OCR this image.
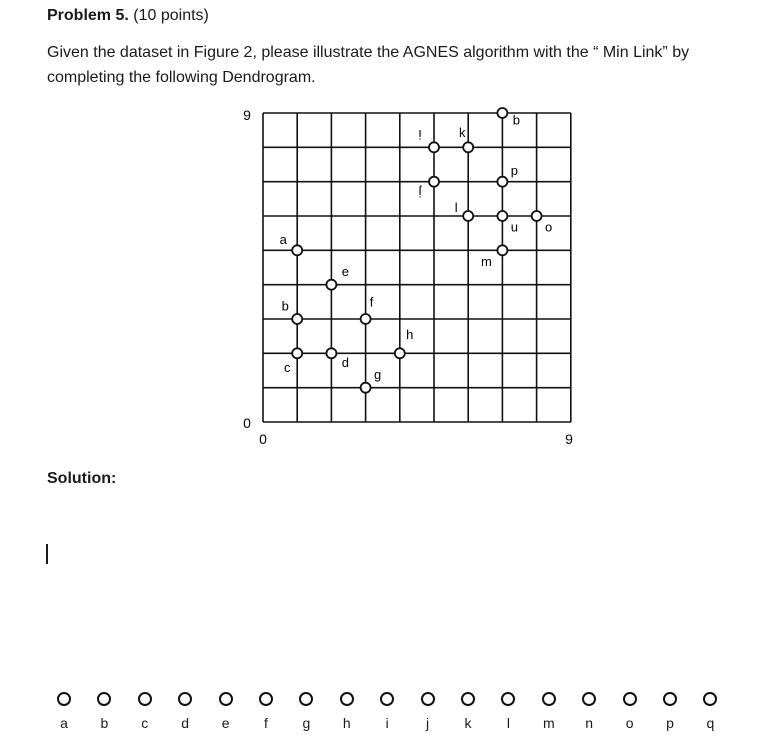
Problem 5. (10 points)
Given the dataset in Figure 2, please illustrate the AGNES algorithm with the “ Min Link” by
completing the following Dendrogram.
a
b
c	d
e
f
g
h
i
j
k
l
m
n o
p
q
9
0
0	9
Solution:
a	b	c	d	e	f	g	h	i	j	k	l	m	n	o	p	q
